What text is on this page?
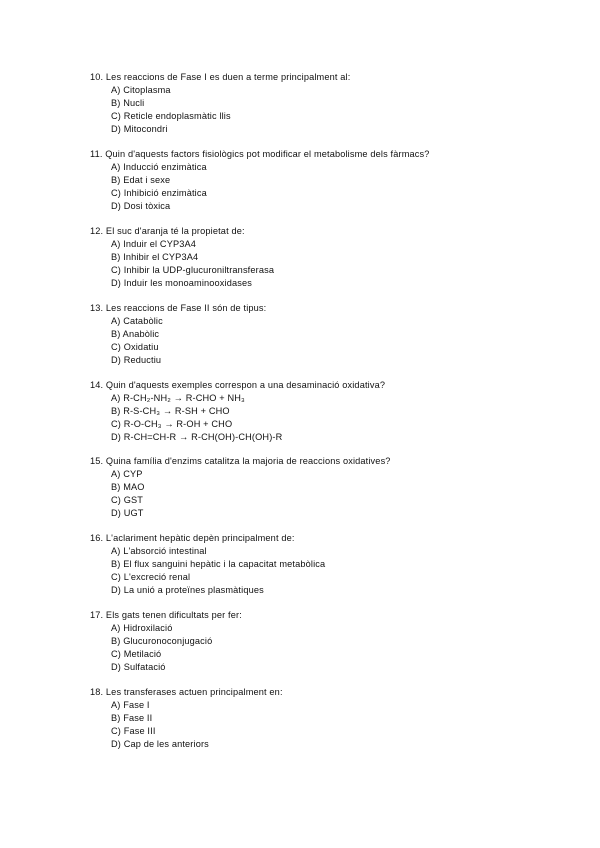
10. Les reaccions de Fase I es duen a terme principalment al:
A) Citoplasma
B) Nucli
C) Reticle endoplasmàtic llis
D) Mitocondri
11. Quin d'aquests factors fisiològics pot modificar el metabolisme dels fàrmacs?
A) Inducció enzimàtica
B) Edat i sexe
C) Inhibició enzimàtica
D) Dosi tòxica
12. El suc d'aranja té la propietat de:
A) Induir el CYP3A4
B) Inhibir el CYP3A4
C) Inhibir la UDP-glucuroniltransferasa
D) Induir les monoaminooxidases
13. Les reaccions de Fase II són de tipus:
A) Catabòlic
B) Anabòlic
C) Oxidatiu
D) Reductiu
14. Quin d'aquests exemples correspon a una desaminació oxidativa?
A) R-CH₂-NH₂ → R-CHO + NH₃
B) R-S-CH₃ → R-SH + CHO
C) R-O-CH₃ → R-OH + CHO
D) R-CH=CH-R → R-CH(OH)-CH(OH)-R
15. Quina família d'enzims catalitza la majoria de reaccions oxidatives?
A) CYP
B) MAO
C) GST
D) UGT
16. L'aclariment hepàtic depèn principalment de:
A) L'absorció intestinal
B) El flux sanguini hepàtic i la capacitat metabòlica
C) L'excreció renal
D) La unió a proteïnes plasmàtiques
17. Els gats tenen dificultats per fer:
A) Hidroxilació
B) Glucuronoconjugació
C) Metilació
D) Sulfatació
18. Les transferases actuen principalment en:
A) Fase I
B) Fase II
C) Fase III
D) Cap de les anteriors
